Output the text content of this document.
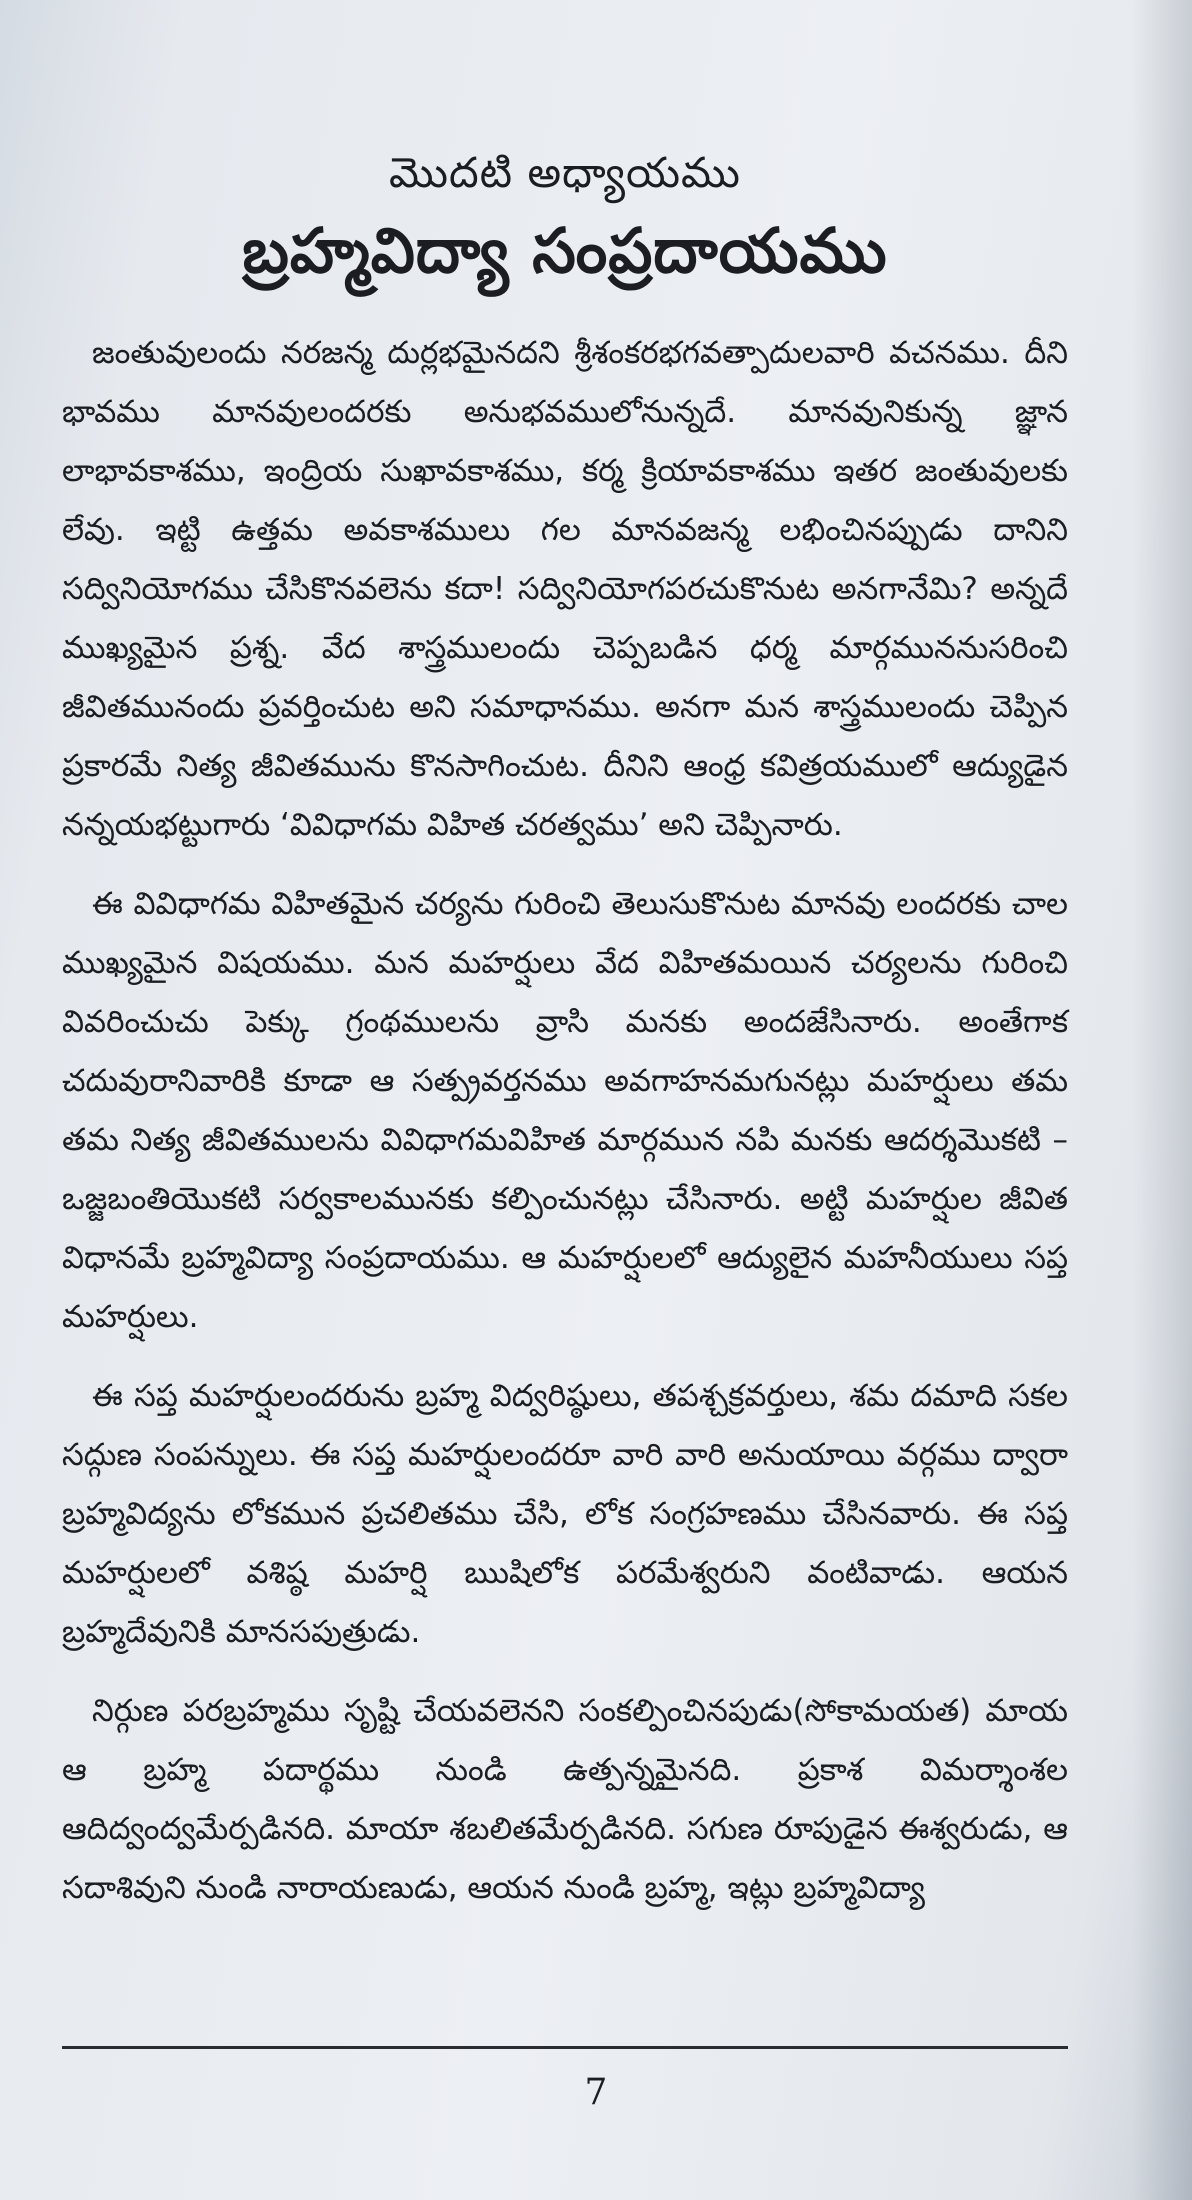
మొదటి అధ్యాయము
బ్రహ్మవిద్యా సంప్రదాయము

జంతువులందు నరజన్మ దుర్లభమైనదని శ్రీశంకరభగవత్పాదులవారి వచనము. దీని భావము మానవులందరకు అనుభవములోనున్నదే. మానవునికున్న జ్ఞాన లాభావకాశము, ఇంద్రియ సుఖావకాశము, కర్మ క్రియావకాశము ఇతర జంతువులకు లేవు. ఇట్టి ఉత్తమ అవకాశములు గల మానవజన్మ లభించినప్పుడు దానిని సద్వినియోగము చేసికొనవలెను కదా! సద్వినియోగపరచుకొనుట అనగానేమి? అన్నదే ముఖ్యమైన ప్రశ్న. వేద శాస్త్రములందు చెప్పబడిన ధర్మ మార్గముననుసరించి జీవితమునందు ప్రవర్తించుట అని సమాధానము. అనగా మన శాస్త్రములందు చెప్పిన ప్రకారమే నిత్య జీవితమును కొనసాగించుట. దీనిని ఆంధ్ర కవిత్రయములో ఆద్యుడైన నన్నయభట్టుగారు ‘వివిధాగమ విహిత చరత్వము’ అని చెప్పినారు.

ఈ వివిధాగమ విహితమైన చర్యను గురించి తెలుసుకొనుట మానవు లందరకు చాల ముఖ్యమైన విషయము. మన మహర్షులు వేద విహితమయిన చర్యలను గురించి వివరించుచు పెక్కు గ్రంథములను వ్రాసి మనకు అందజేసినారు. అంతేగాక చదువురానివారికి కూడా ఆ సత్ప్రవర్తనము అవగాహనమగునట్లు మహర్షులు తమ తమ నిత్య జీవితములను వివిధాగమవిహిత మార్గమున నపి మనకు ఆదర్శమొకటి – ఒజ్జబంతియొకటి సర్వకాలమునకు కల్పించునట్లు చేసినారు. అట్టి మహర్షుల జీవిత విధానమే బ్రహ్మవిద్యా సంప్రదాయము. ఆ మహర్షులలో ఆద్యులైన మహనీయులు సప్త మహర్షులు.

ఈ సప్త మహర్షులందరును బ్రహ్మ విద్వరిష్ఠులు, తపశ్చక్రవర్తులు, శమ దమాది సకల సద్గుణ సంపన్నులు. ఈ సప్త మహర్షులందరూ వారి వారి అనుయాయి వర్గము ద్వారా బ్రహ్మవిద్యను లోకమున ప్రచలితము చేసి, లోక సంగ్రహణము చేసినవారు. ఈ సప్త మహర్షులలో వశిష్ఠ మహర్షి ఋషిలోక పరమేశ్వరుని వంటివాడు. ఆయన బ్రహ్మదేవునికి మానసపుత్రుడు.

నిర్గుణ పరబ్రహ్మము సృష్టి చేయవలెనని సంకల్పించినపుడు(సోకామయత) మాయ ఆ బ్రహ్మ పదార్థము నుండి ఉత్పన్నమైనది. ప్రకాశ విమర్శాంశల ఆదిద్వంద్వమేర్పడినది. మాయా శబలితమేర్పడినది. సగుణ రూపుడైన ఈశ్వరుడు, ఆ సదాశివుని నుండి నారాయణుడు, ఆయన నుండి బ్రహ్మ, ఇట్లు బ్రహ్మవిద్యా

7
